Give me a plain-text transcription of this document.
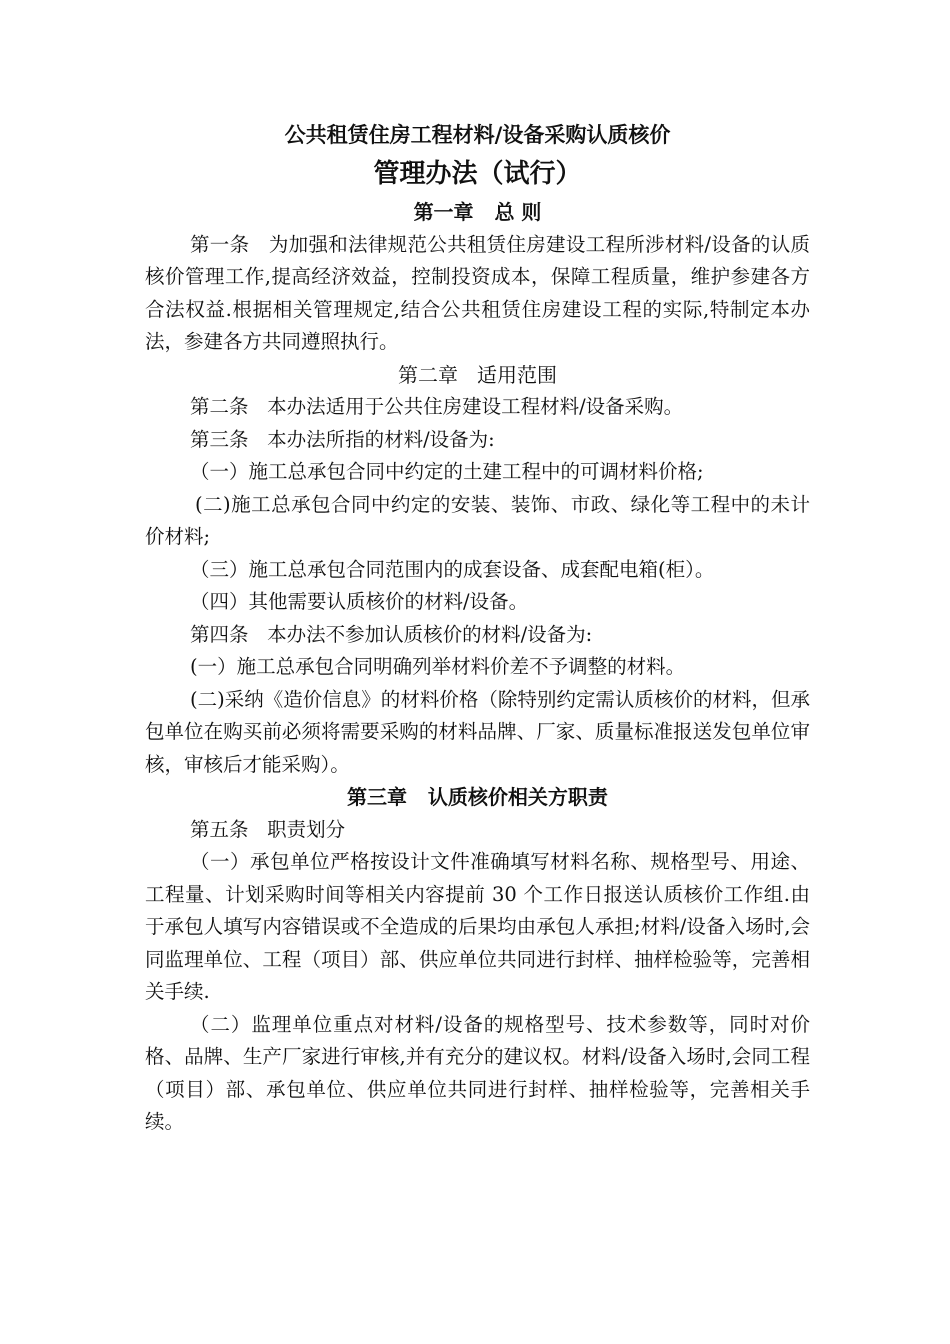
公共租赁住房工程材料/设备采购认质核价

管理办法（试行）

第一章   总 则

第一条   为加强和法律规范公共租赁住房建设工程所涉材料/设备的认质核价管理工作,提高经济效益，控制投资成本，保障工程质量，维护参建各方合法权益.根据相关管理规定,结合公共租赁住房建设工程的实际,特制定本办法，参建各方共同遵照执行。

第二章   适用范围

第二条   本办法适用于公共住房建设工程材料/设备采购。

第三条   本办法所指的材料/设备为:

（一）施工总承包合同中约定的土建工程中的可调材料价格;

(二)施工总承包合同中约定的安装、装饰、市政、绿化等工程中的未计价材料;

（三）施工总承包合同范围内的成套设备、成套配电箱(柜）。

（四）其他需要认质核价的材料/设备。

第四条   本办法不参加认质核价的材料/设备为:

(一）施工总承包合同明确列举材料价差不予调整的材料。

(二)采纳《造价信息》的材料价格（除特别约定需认质核价的材料，但承包单位在购买前必须将需要采购的材料品牌、厂家、质量标准报送发包单位审核，审核后才能采购）。

第三章   认质核价相关方职责

第五条   职责划分

（一）承包单位严格按设计文件准确填写材料名称、规格型号、用途、工程量、计划采购时间等相关内容提前 30 个工作日报送认质核价工作组.由于承包人填写内容错误或不全造成的后果均由承包人承担;材料/设备入场时,会同监理单位、工程（项目）部、供应单位共同进行封样、抽样检验等，完善相关手续.

（二）监理单位重点对材料/设备的规格型号、技术参数等，同时对价格、品牌、生产厂家进行审核,并有充分的建议权。材料/设备入场时,会同工程（项目）部、承包单位、供应单位共同进行封样、抽样检验等，完善相关手续。
